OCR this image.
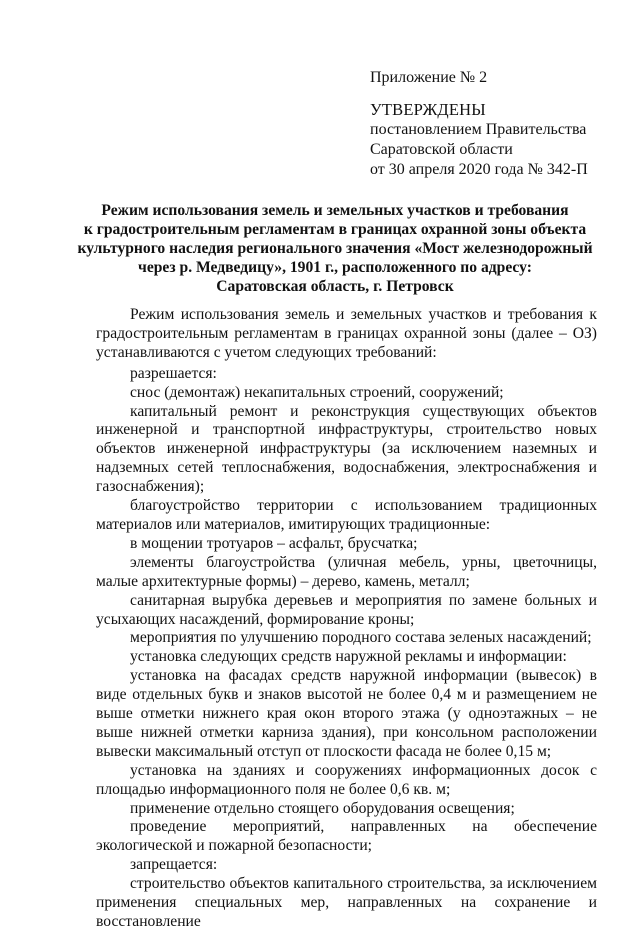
Приложение № 2
УТВЕРЖДЕНЫ
постановлением Правительства
Саратовской области
от 30 апреля 2020 года № 342-П
Режим использования земель и земельных участков и требования
к градостроительным регламентам в границах охранной зоны объекта
культурного наследия регионального значения «Мост железнодорожный
через р. Медведицу», 1901 г., расположенного по адресу:
Саратовская область, г. Петровск

Режим использования земель и земельных участков и требования к градостроительным регламентам в границах охранной зоны (далее – ОЗ) устанавливаются с учетом следующих требований:

разрешается:

снос (демонтаж) некапитальных строений, сооружений;

капитальный ремонт и реконструкция существующих объектов инженерной и транспортной инфраструктуры, строительство новых объектов инженерной инфраструктуры (за исключением наземных и надземных сетей теплоснабжения, водоснабжения, электроснабжения и газоснабжения);

благоустройство территории с использованием традиционных материалов или материалов, имитирующих традиционные:

в мощении тротуаров – асфальт, брусчатка;

элементы благоустройства (уличная мебель, урны, цветочницы, малые архитектурные формы) – дерево, камень, металл;

санитарная вырубка деревьев и мероприятия по замене больных и усыхающих насаждений, формирование кроны;

мероприятия по улучшению породного состава зеленых насаждений;

установка следующих средств наружной рекламы и информации:

установка на фасадах средств наружной информации (вывесок) в виде отдельных букв и знаков высотой не более 0,4 м и размещением не выше отметки нижнего края окон второго этажа (у одноэтажных – не выше нижней отметки карниза здания), при консольном расположении вывески максимальный отступ от плоскости фасада не более 0,15 м;

установка на зданиях и сооружениях информационных досок с площадью информационного поля не более 0,6 кв. м;

применение отдельно стоящего оборудования освещения;

проведение мероприятий, направленных на обеспечение экологической и пожарной безопасности;

запрещается:

строительство объектов капитального строительства, за исключением применения специальных мер, направленных на сохранение и восстановление
